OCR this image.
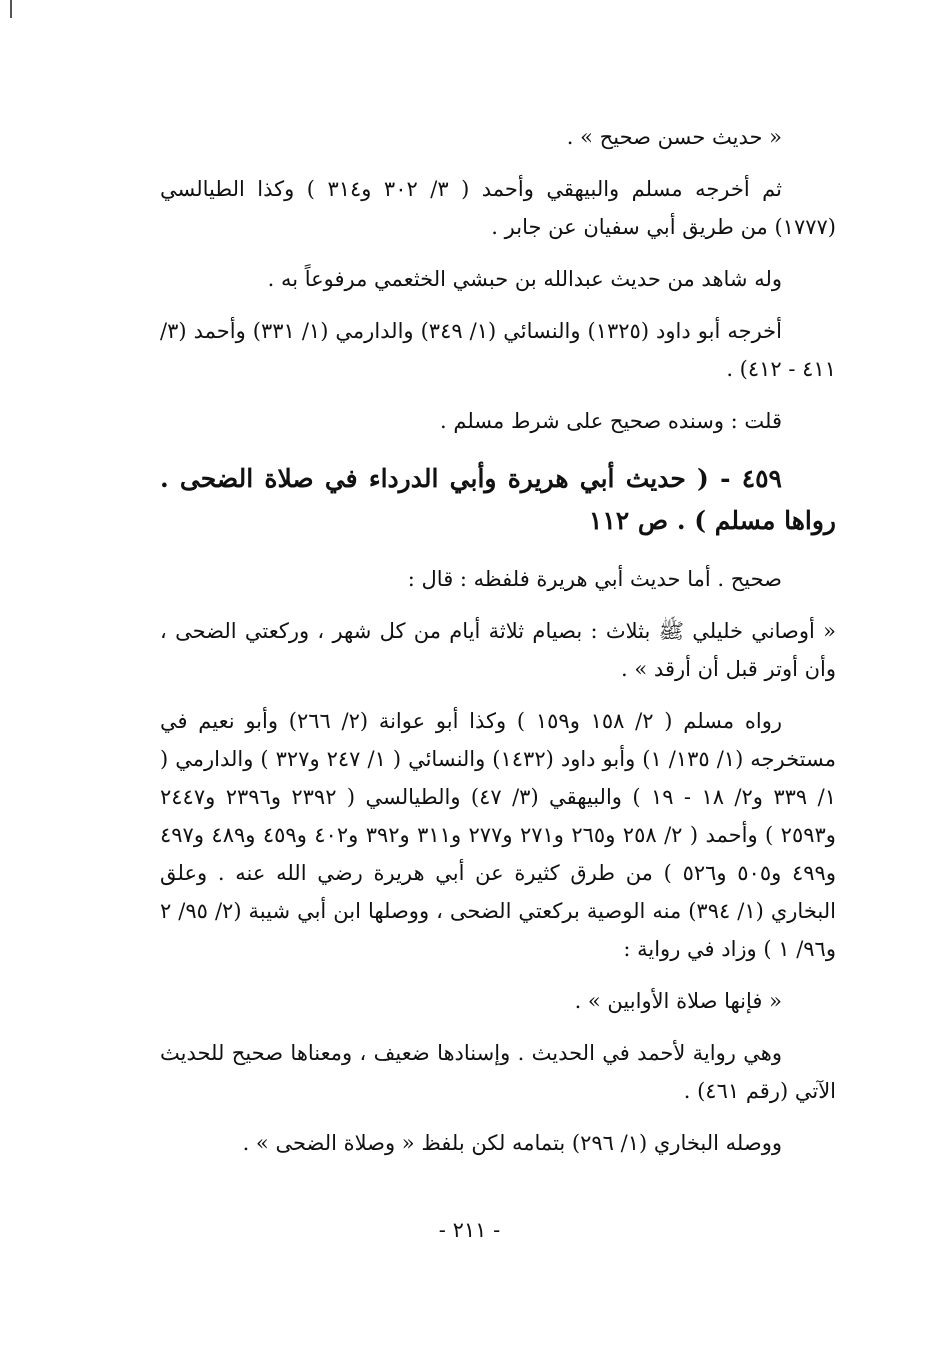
« حديث حسن صحيح » .

ثم أخرجه مسلم والبيهقي وأحمد ( ٣/ ٣٠٢ و٣١٤ ) وكذا الطيالسي (١٧٧٧) من طريق أبي سفيان عن جابر .

وله شاهد من حديث عبدالله بن حبشي الخثعمي مرفوعاً به .

أخرجه أبو داود (١٣٢٥) والنسائي (١/ ٣٤٩) والدارمي (١/ ٣٣١) وأحمد (٣/ ٤١١ - ٤١٢) .

قلت : وسنده صحيح على شرط مسلم .

٤٥٩ - ( حديث أبي هريرة وأبي الدرداء في صلاة الضحى . رواها مسلم ) . ص ١١٢

صحيح . أما حديث أبي هريرة فلفظه : قال :

« أوصاني خليلي ﷺ بثلاث : بصيام ثلاثة أيام من كل شهر ، وركعتي الضحى ، وأن أوتر قبل أن أرقد » .

رواه مسلم ( ٢/ ١٥٨ و١٥٩ ) وكذا أبو عوانة (٢/ ٢٦٦) وأبو نعيم في مستخرجه (١/ ١٣٥/ ١) وأبو داود (١٤٣٢) والنسائي ( ١/ ٢٤٧ و٣٢٧ ) والدارمي ( ١/ ٣٣٩ و٢/ ١٨ - ١٩ ) والبيهقي (٣/ ٤٧) والطيالسي ( ٢٣٩٢ و٢٣٩٦ و٢٤٤٧ و٢٥٩٣ ) وأحمد ( ٢/ ٢٥٨ و٢٦٥ و٢٧١ و٢٧٧ و٣١١ و٣٩٢ و٤٠٢ و٤٥٩ و٤٨٩ و٤٩٧ و٤٩٩ و٥٠٥ و٥٢٦ ) من طرق كثيرة عن أبي هريرة رضي الله عنه . وعلق البخاري (١/ ٣٩٤) منه الوصية بركعتي الضحى ، ووصلها ابن أبي شيبة (٢/ ٩٥/ ٢ و٩٦/ ١ ) وزاد في رواية :

« فإنها صلاة الأوابين » .

وهي رواية لأحمد في الحديث . وإسنادها ضعيف ، ومعناها صحيح للحديث الآتي (رقم ٤٦١) .

ووصله البخاري (١/ ٢٩٦) بتمامه لكن بلفظ « وصلاة الضحى » .

- ٢١١ -
